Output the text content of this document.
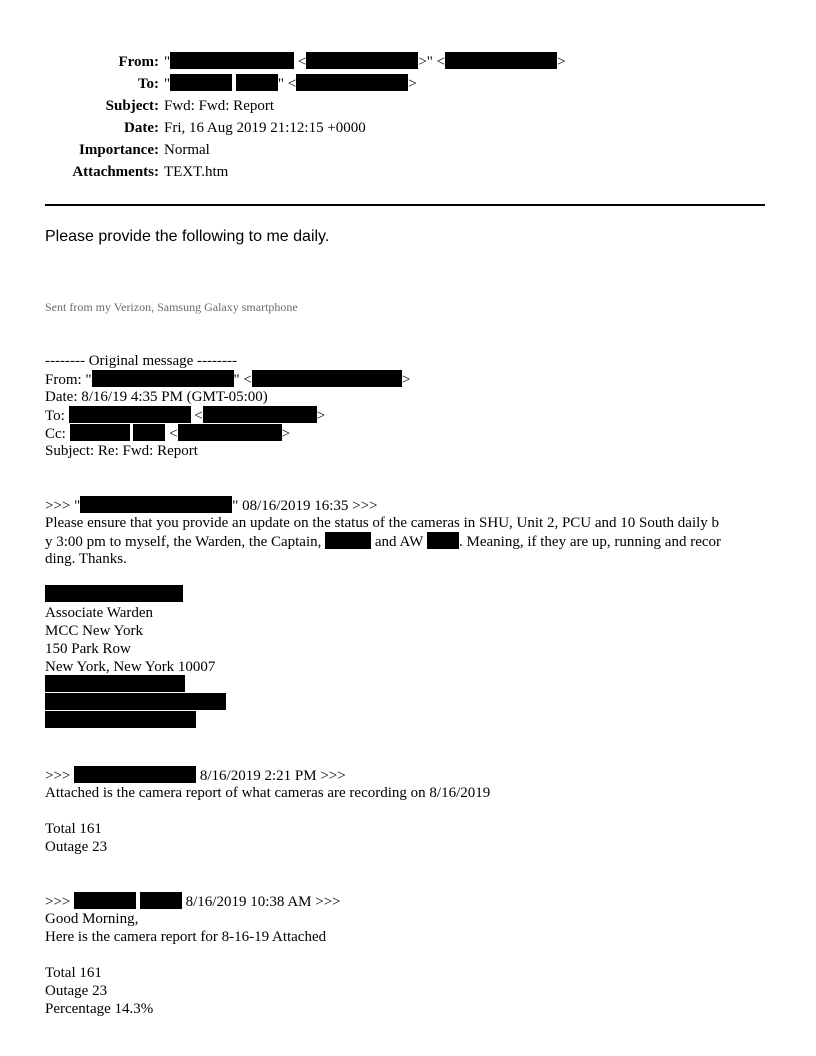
From: "	<	>" <	>
To: "	" <	>
Subject: Fwd: Fwd: Report
Date: Fri, 16 Aug 2019 21:12:15 +0000
Importance: Normal
Attachments: TEXT.htm
Please provide the following to me daily.
Sent from my Verizon, Samsung Galaxy smartphone
-------- Original message --------
From: "	" <	>
Date: 8/16/19 4:35 PM (GMT-05:00)
To:	<	>
Cc:	<	>
Subject: Re: Fwd: Report
>>> "	" 08/16/2019 16:35 >>>
Please ensure that you provide an update on the status of the cameras in SHU, Unit 2, PCU and 10 South daily b
y 3:00 pm to myself, the Warden, the Captain,	and AW . Meaning, if they are up, running and recor
ding. Thanks.
Associate Warden
MCC New York
150 Park Row
New York, New York 10007
>>>	8/16/2019 2:21 PM >>>
Attached is the camera report of what cameras are recording on 8/16/2019
Total 161
Outage 23
>>>	8/16/2019 10:38 AM >>>
Good Morning,
Here is the camera report for 8-16-19 Attached
Total 161
Outage 23
Percentage 14.3%
